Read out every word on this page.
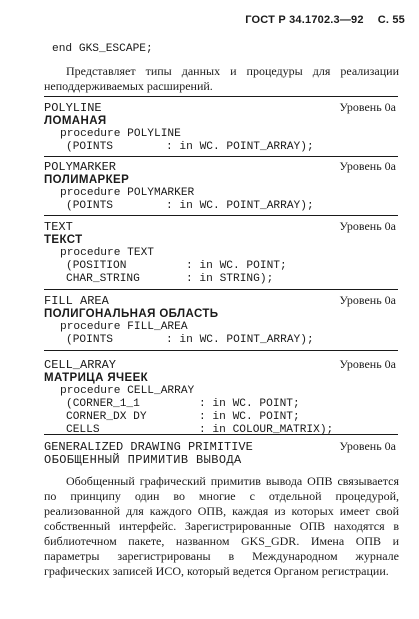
ГОСТ Р 34.1702.3—92 С. 55
end GKS_ESCAPE;
Представляет типы данных и процедуры для реализации неподдерживаемых расширений.
POLYLINE	Уровень 0а
ЛОМАНАЯ
procedure POLYLINE
(POINTS	: in WC. POINT_ARRAY);
POLYMARKER	Уровень 0а
ПОЛИМАРКЕР
procedure POLYMARKER
(POINTS	: in WC. POINT_ARRAY);
TEXT	Уровень 0а
ТЕКСТ
procedure TEXT
(POSITION	: in WC. POINT;
CHAR_STRING	: in STRING);
FILL AREA	Уровень 0а
ПОЛИГОНАЛЬНАЯ ОБЛАСТЬ
procedure FILL_AREA
(POINTS	: in WC. POINT_ARRAY);
CELL_ARRAY	Уровень 0а
МАТРИЦА ЯЧЕЕК
procedure CELL_ARRAY
(CORNER_1_1	: in WC. POINT;
CORNER_DX DY	: in WC. POINT;
CELLS	: in COLOUR_MATRIX);
GENERALIZED DRAWING PRIMITIVE	Уровень 0а
ОБОБЩЕННЫЙ ПРИМИТИВ ВЫВОДА
Обобщенный графический примитив вывода ОПВ связывается по принципу один во многие с отдельной процедурой, реализованной для каждого ОПВ, каждая из которых имеет свой собственный интерфейс. Зарегистрированные ОПВ находятся в библиотечном пакете, названном GKS_GDR. Имена ОПВ и параметры зарегистрированы в Международном журнале графических записей ИСО, который ведется Органом регистрации.
